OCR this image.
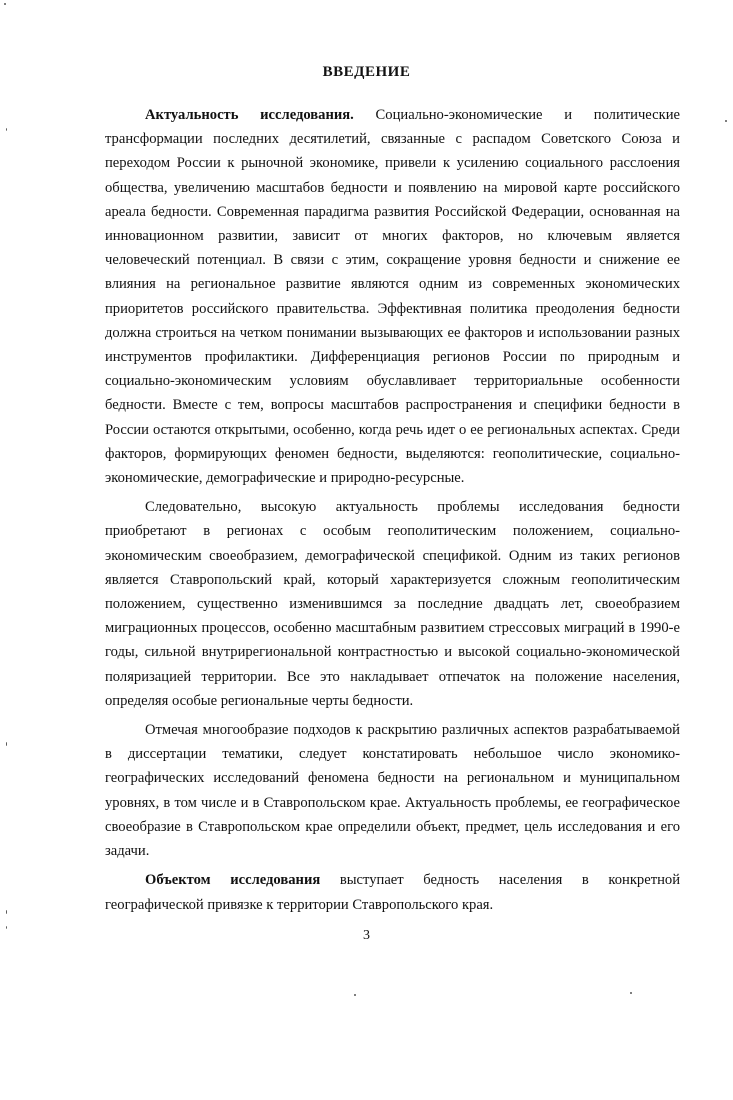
ВВЕДЕНИЕ

Актуальность исследования. Социально-экономические и политические трансформации последних десятилетий, связанные с распадом Советского Союза и переходом России к рыночной экономике, привели к усилению социального расслоения общества, увеличению масштабов бедности и появлению на мировой карте российского ареала бедности. Современная парадигма развития Российской Федерации, основанная на инновационном развитии, зависит от многих факторов, но ключевым является человеческий потенциал. В связи с этим, сокращение уровня бедности и снижение ее влияния на региональное развитие являются одним из современных экономических приоритетов российского правительства. Эффективная политика преодоления бедности должна строиться на четком понимании вызывающих ее факторов и использовании разных инструментов профилактики. Дифференциация регионов России по природным и социально-экономическим условиям обуславливает территориальные особенности бедности. Вместе с тем, вопросы масштабов распространения и специфики бедности в России остаются открытыми, особенно, когда речь идет о ее региональных аспектах. Среди факторов, формирующих феномен бедности, выделяются: геополитические, социально-экономические, демографические и природно-ресурсные.

Следовательно, высокую актуальность проблемы исследования бедности приобретают в регионах с особым геополитическим положением, социально-экономическим своеобразием, демографической спецификой. Одним из таких регионов является Ставропольский край, который характеризуется сложным геополитическим положением, существенно изменившимся за последние двадцать лет, своеобразием миграционных процессов, особенно масштабным развитием стрессовых миграций в 1990-е годы, сильной внутрирегиональной контрастностью и высокой социально-экономической поляризацией территории. Все это накладывает отпечаток на положение населения, определяя особые региональные черты бедности.

Отмечая многообразие подходов к раскрытию различных аспектов разрабатываемой в диссертации тематики, следует констатировать небольшое число экономико-географических исследований феномена бедности на региональном и муниципальном уровнях, в том числе и в Ставропольском крае. Актуальность проблемы, ее географическое своеобразие в Ставропольском крае определили объект, предмет, цель исследования и его задачи.

Объектом исследования выступает бедность населения в конкретной географической привязке к территории Ставропольского края.

3
